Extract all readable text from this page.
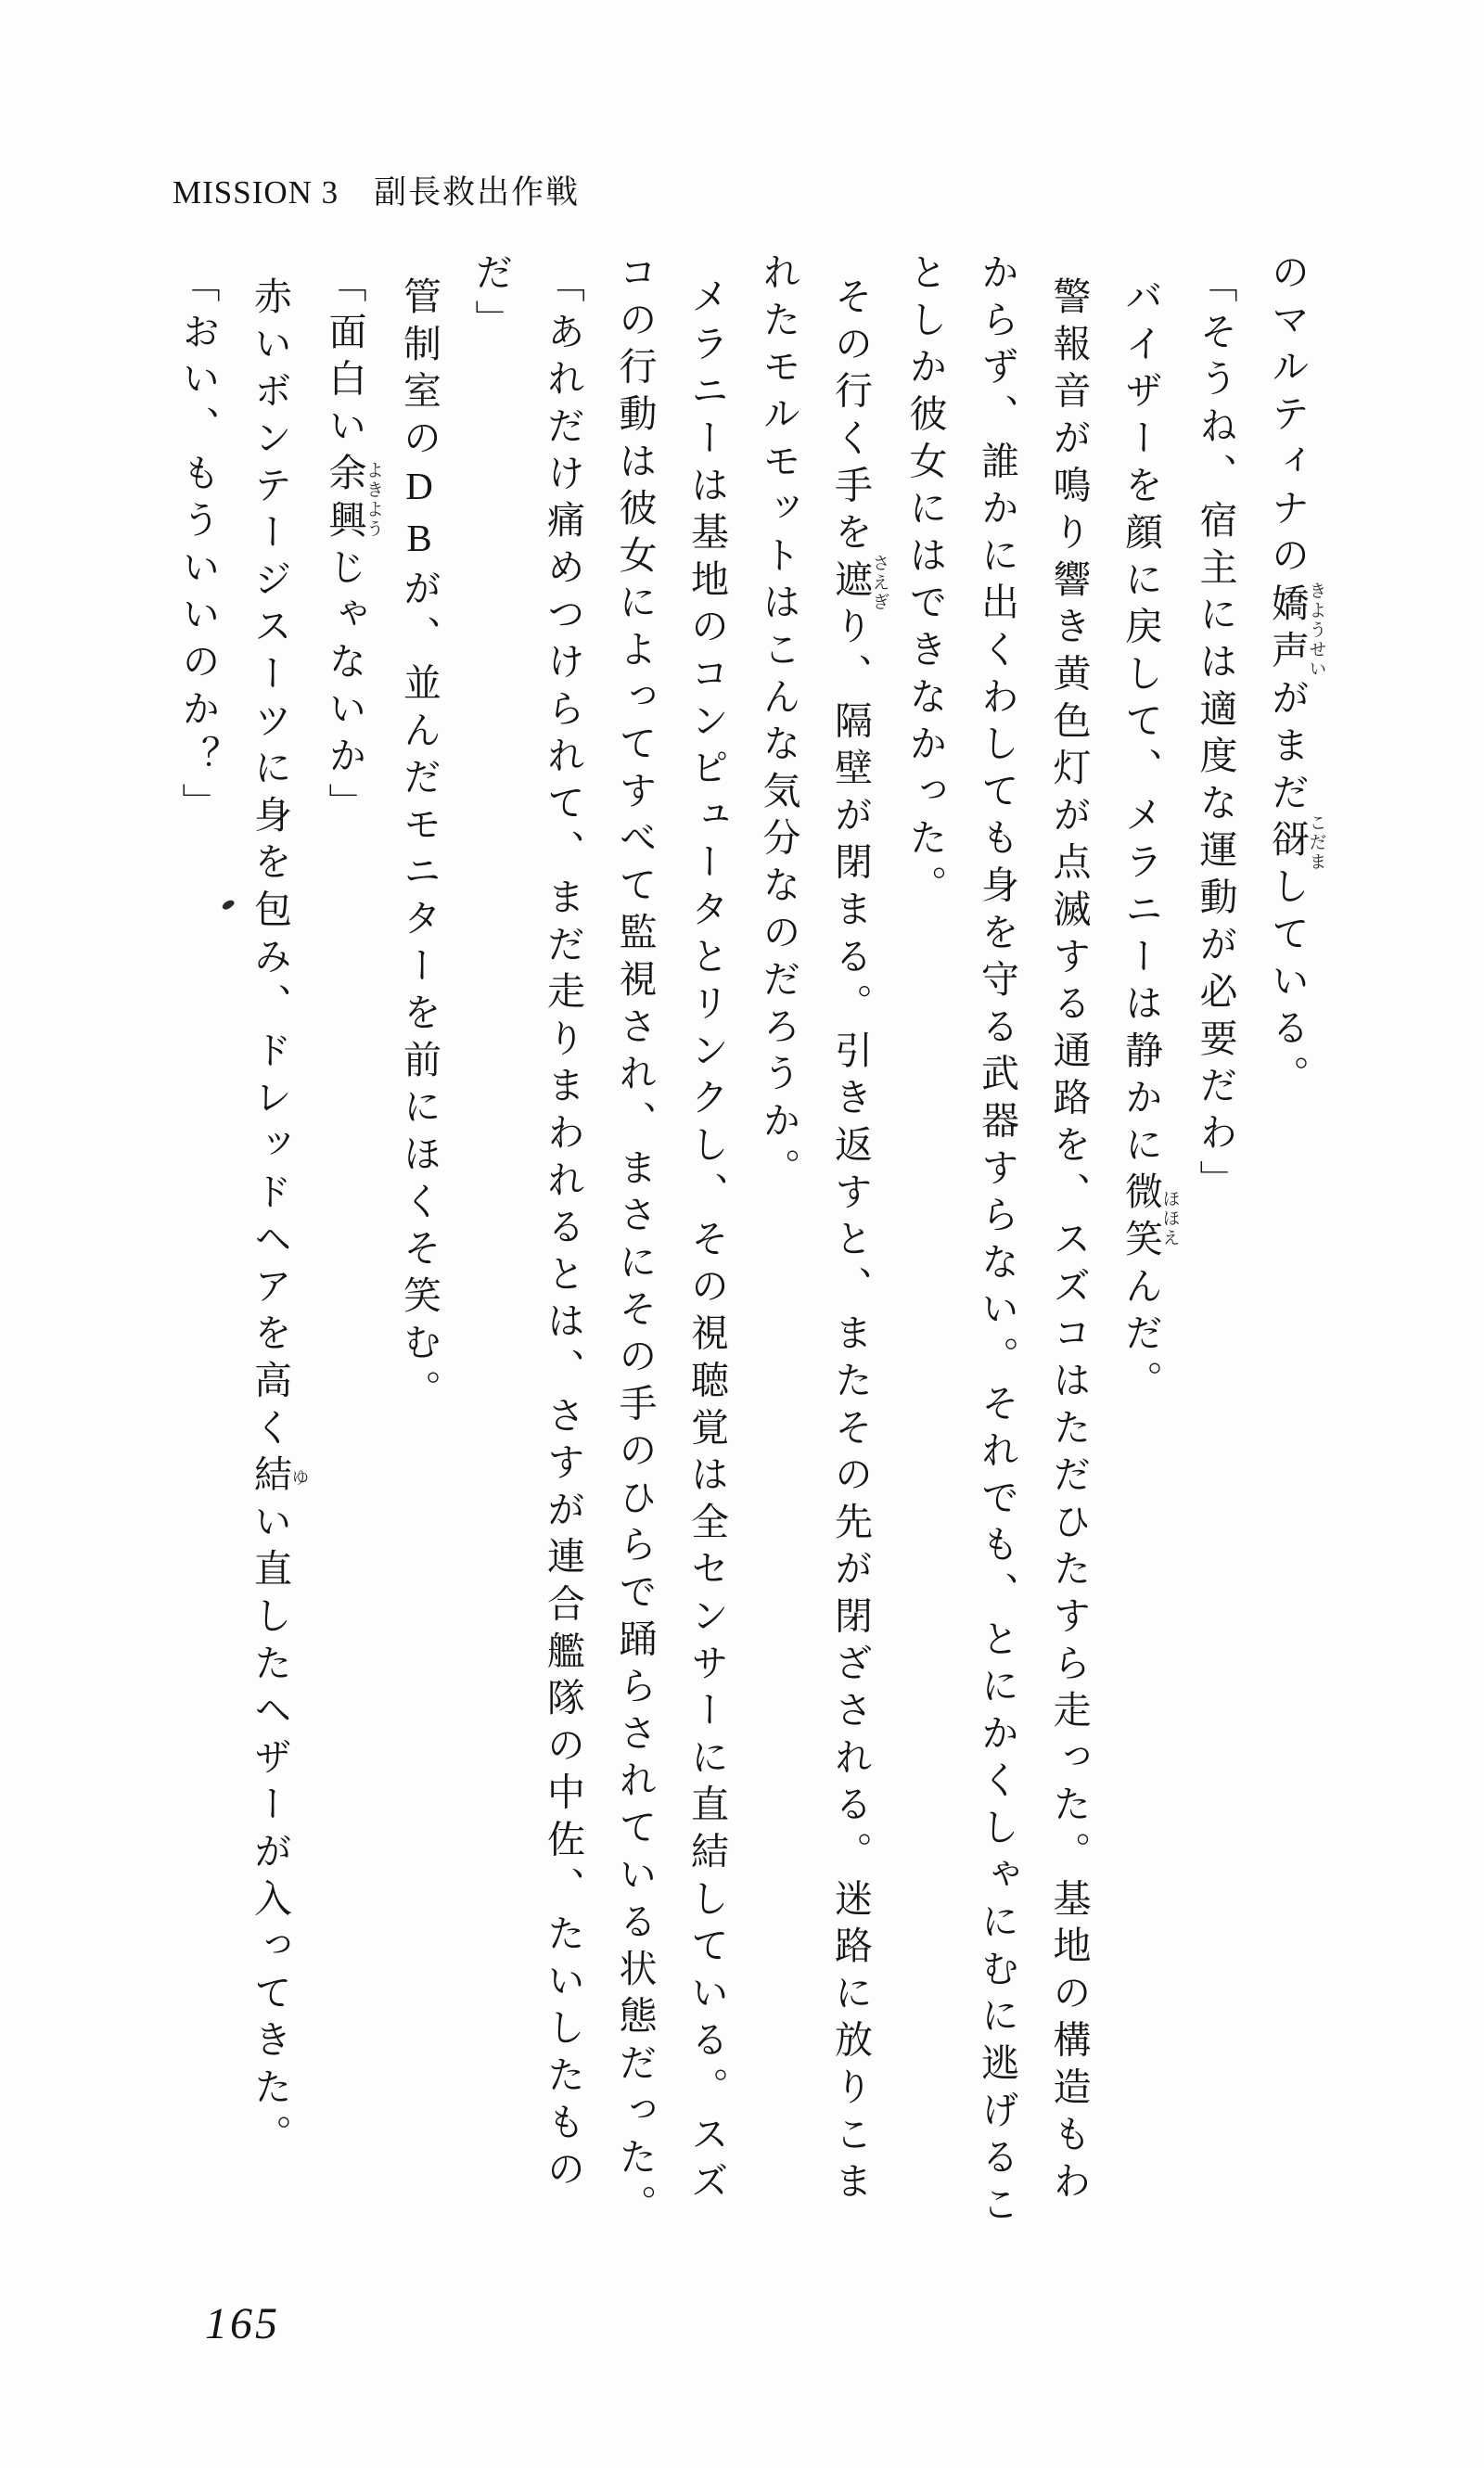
MISSION 3 副長救出作戦
のマルティナの嬌声きようせいがまだ谺こだましている。
「そうね、宿主には適度な運動が必要だわ」
バイザーを顔に戻して、メラニーは静かに微笑ほほえんだ。
警報音が鳴り響き黄色灯が点滅する通路を、スズコはただひたすら走った。基地の構造もわ
からず、誰かに出くわしても身を守る武器すらない。それでも、とにかくしゃにむに逃げるこ
としか彼女にはできなかった。
その行く手を遮さえぎり、隔壁が閉まる。引き返すと、またその先が閉ざされる。迷路に放りこま
れたモルモットはこんな気分なのだろうか。
メラニーは基地のコンピュータとリンクし、その視聴覚は全センサーに直結している。スズ
コの行動は彼女によってすべて監視され、まさにその手のひらで踊らされている状態だった。
「あれだけ痛めつけられて、まだ走りまわれるとは、さすが連合艦隊の中佐、たいしたもの
だ」
管制室のDBが、並んだモニターを前にほくそ笑む。
「面白い余興よきようじゃないか」
赤いボンテージスーツに身を包み、ドレッドヘアを高く結ゆい直したヘザーが入ってきた。
「おい、もういいのか？」
165
